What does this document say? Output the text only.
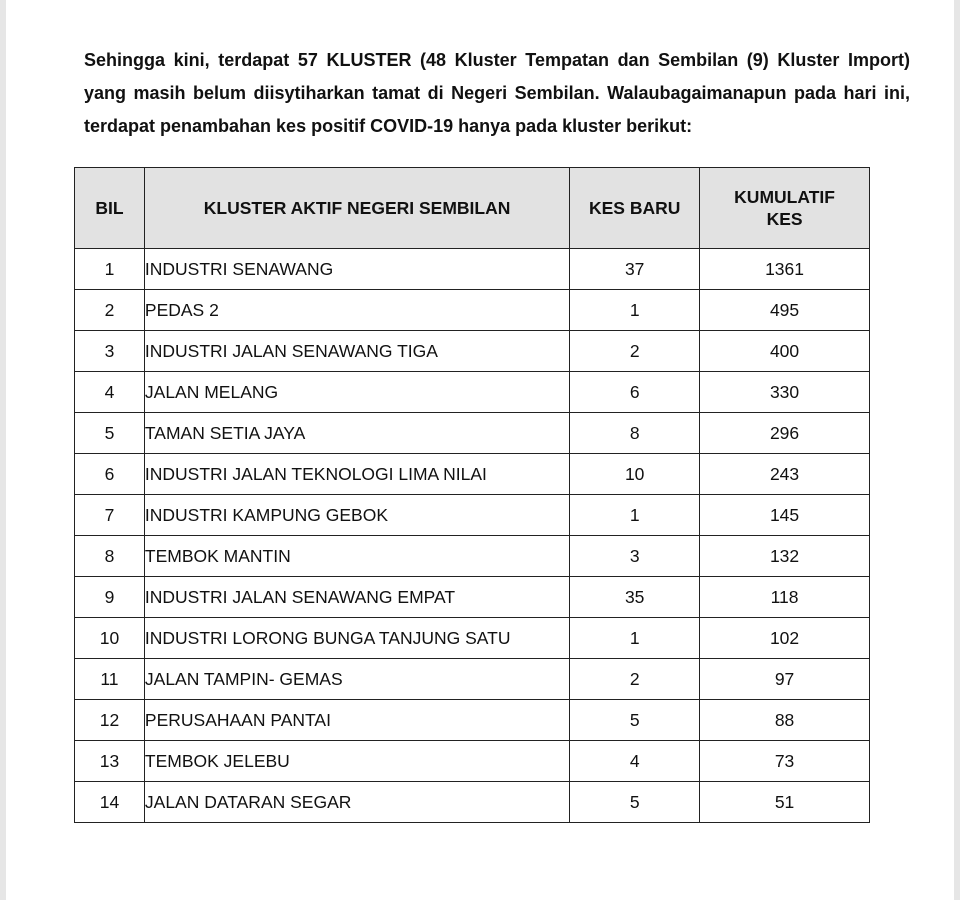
Sehingga kini, terdapat 57 KLUSTER (48 Kluster Tempatan dan Sembilan (9) Kluster Import) yang masih belum diisytiharkan tamat di Negeri Sembilan. Walaubagaimanapun pada hari ini, terdapat penambahan kes positif COVID-19 hanya pada kluster berikut:

BIL	KLUSTER AKTIF NEGERI SEMBILAN	KES BARU	KUMULATIF
KES

1	INDUSTRI SENAWANG	37	1361
2	PEDAS 2	1	495
3	INDUSTRI JALAN SENAWANG TIGA	2	400
4	JALAN MELANG	6	330
5	TAMAN SETIA JAYA	8	296
6	INDUSTRI JALAN TEKNOLOGI LIMA NILAI	10	243
7	INDUSTRI KAMPUNG GEBOK	1	145
8	TEMBOK MANTIN	3	132
9	INDUSTRI JALAN SENAWANG EMPAT	35	118
10	INDUSTRI LORONG BUNGA TANJUNG SATU	1	102
11	JALAN TAMPIN- GEMAS	2	97
12	PERUSAHAAN PANTAI	5	88
13	TEMBOK JELEBU	4	73
14	JALAN DATARAN SEGAR	5	51
